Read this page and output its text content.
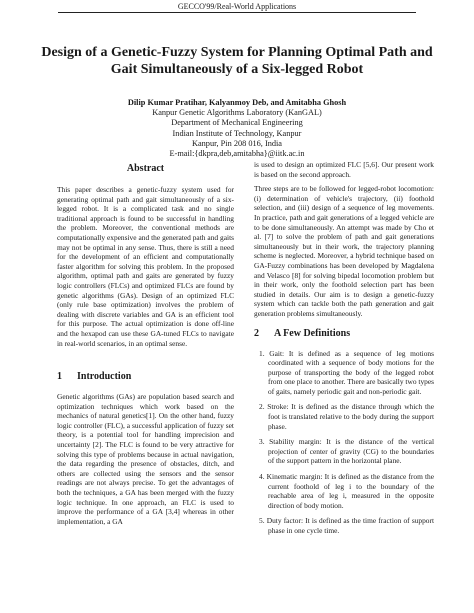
GECCO'99/Real-World Applications
Design of a Genetic-Fuzzy System for Planning Optimal Path and
Gait Simultaneously of a Six-legged Robot
Dilip Kumar Pratihar, Kalyanmoy Deb, and Amitabha Ghosh
Kanpur Genetic Algorithms Laboratory (KanGAL)
Department of Mechanical Engineering
Indian Institute of Technology, Kanpur
Kanpur, Pin 208 016, India
E-mail:{dkpra,deb,amitabha}@iitk.ac.in
Abstract

This paper describes a genetic-fuzzy system used for generating optimal path and gait simultaneously of a six-legged robot. It is a complicated task and no single traditional approach is found to be successful in handling the problem. Moreover, the conventional methods are computationally expensive and the generated path and gaits may not be optimal in any sense. Thus, there is still a need for the development of an efficient and computationally faster algorithm for solving this problem. In the proposed algorithm, optimal path and gaits are generated by fuzzy logic controllers (FLCs) and optimized FLCs are found by genetic algorithms (GAs). Design of an optimized FLC (only rule base optimization) involves the problem of dealing with discrete variables and GA is an efficient tool for this purpose. The actual optimization is done off-line and the hexapod can use these GA-tuned FLCs to navigate in real-world scenarios, in an optimal sense.

1 Introduction

Genetic algorithms (GAs) are population based search and optimization techniques which work based on the mechanics of natural genetics[1]. On the other hand, fuzzy logic controller (FLC), a successful application of fuzzy set theory, is a potential tool for handling imprecision and uncertainty [2]. The FLC is found to be very attractive for solving this type of problems because in actual navigation, the data regarding the presence of obstacles, ditch, and others are collected using the sensors and the sensor readings are not always precise. To get the advantages of both the techniques, a GA has been merged with the fuzzy logic technique. In one approach, an FLC is used to improve the performance of a GA [3,4] whereas in other implementation, a GA

is used to design an optimized FLC [5,6]. Our present work is based on the second approach.

Three steps are to be followed for legged-robot locomotion: (i) determination of vehicle's trajectory, (ii) foothold selection, and (iii) design of a sequence of leg movements. In practice, path and gait generations of a legged vehicle are to be done simultaneously. An attempt was made by Cho et al. [7] to solve the problem of path and gait generations simultaneously but in their work, the trajectory planning scheme is neglected. Moreover, a hybrid technique based on GA-Fuzzy combinations has been developed by Magdalena and Velasco [8] for solving bipedal locomotion problem but in their work, only the foothold selection part has been studied in details. Our aim is to design a genetic-fuzzy system which can tackle both the path generation and gait generation problems simultaneously.

2 A Few Definitions
1. Gait: It is defined as a sequence of leg motions coordinated with a sequence of body motions for the purpose of transporting the body of the legged robot from one place to another. There are basically two types of gaits, namely periodic gait and non-periodic gait.
2. Stroke: It is defined as the distance through which the foot is translated relative to the body during the support phase.
3. Stability margin: It is the distance of the vertical projection of center of gravity (CG) to the boundaries of the support pattern in the horizontal plane.
4. Kinematic margin: It is defined as the distance from the current foothold of leg i to the boundary of the reachable area of leg i, measured in the opposite direction of body motion.
5. Duty factor: It is defined as the time fraction of support phase in one cycle time.
